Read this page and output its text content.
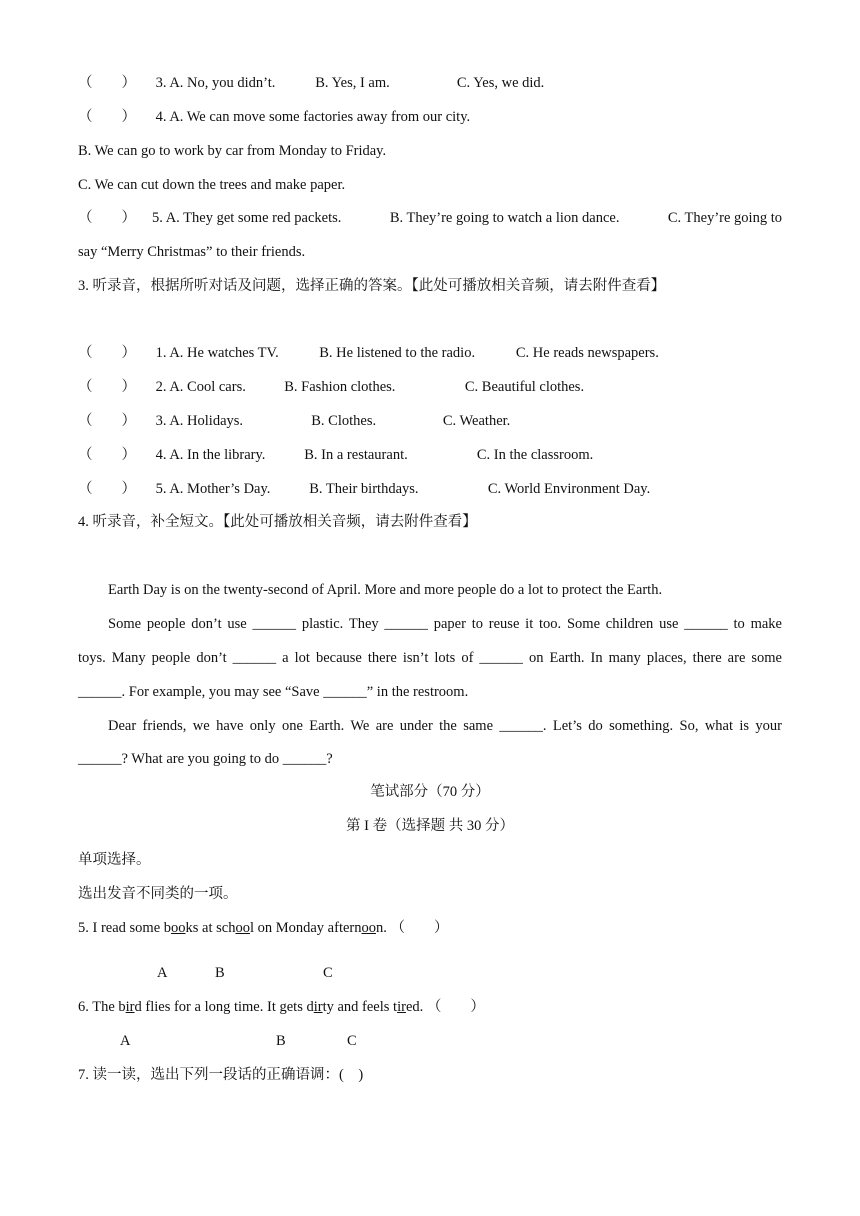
（　　） 3. A. No, you didn’t.	B. Yes, I am.	C. Yes, we did.
（　　） 4. A. We can move some factories away from our city.
B. We can go to work by car from Monday to Friday.
C. We can cut down the trees and make paper.
（　　） 5. A. They get some red packets.	B. They’re going to watch a lion dance.	C. They’re going to
say “Merry Christmas” to their friends.
3. 听录音，根据所听对话及问题，选择正确的答案。【此处可播放相关音频，请去附件查看】
（　　） 1. A. He watches TV.	B. He listened to the radio.	C. He reads newspapers.
（　　） 2. A. Cool cars.	B. Fashion clothes.	C. Beautiful clothes.
（　　） 3. A. Holidays.	B. Clothes.	C. Weather.
（　　） 4. A. In the library.	B. In a restaurant.	C. In the classroom.
（　　） 5. A. Mother’s Day.	B. Their birthdays.	C. World Environment Day.
4. 听录音，补全短文。【此处可播放相关音频，请去附件查看】
Earth Day is on the twenty-second of April. More and more people do a lot to protect the Earth.
Some people don’t use ______ plastic. They ______ paper to reuse it too. Some children use ______ to make
toys. Many people don’t ______ a lot because there isn’t lots of ______ on Earth. In many places, there are some
______. For example, you may see “Save ______” in the restroom.
Dear friends, we have only one Earth. We are under the same ______. Let’s do something. So, what is your
______? What are you going to do ______?
笔试部分（70 分）
第 I 卷（选择题 共 30 分）
单项选择。
选出发音不同类的一项。
5. I read some books at school on Monday afternoon. （　　）
A	B	C
6. The bird flies for a long time. It gets dirty and feels tired. （　　）
A	B	C
7. 读一读，选出下列一段话的正确语调：(　)
